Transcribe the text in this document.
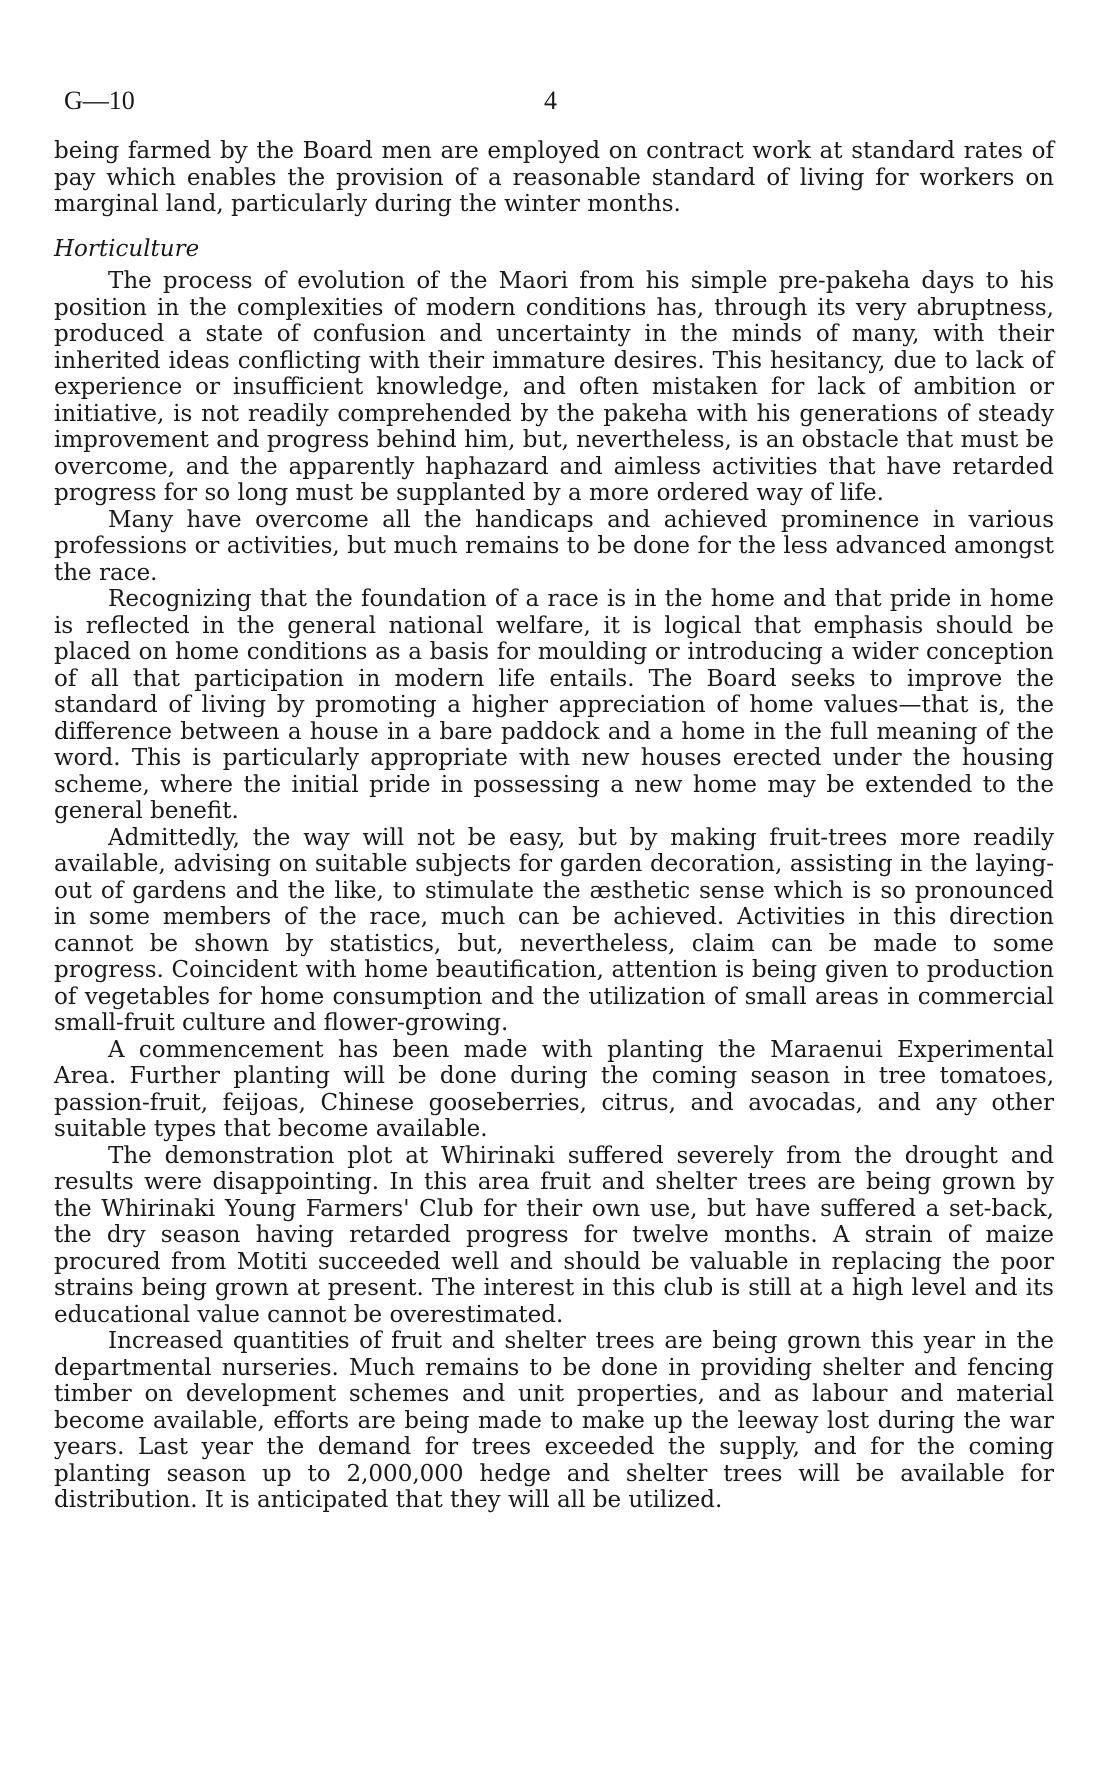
G—10	4

being farmed by the Board men are employed on contract work at standard rates of pay which enables the provision of a reasonable standard of living for workers on marginal land, particularly during the winter months.

Horticulture

The process of evolution of the Maori from his simple pre-pakeha days to his position in the complexities of modern conditions has, through its very abruptness, produced a state of confusion and uncertainty in the minds of many, with their inherited ideas conflicting with their immature desires. This hesitancy, due to lack of experience or insufficient knowledge, and often mistaken for lack of ambition or initiative, is not readily comprehended by the pakeha with his generations of steady improvement and progress behind him, but, nevertheless, is an obstacle that must be overcome, and the apparently haphazard and aimless activities that have retarded progress for so long must be supplanted by a more ordered way of life.

Many have overcome all the handicaps and achieved prominence in various professions or activities, but much remains to be done for the less advanced amongst the race.

Recognizing that the foundation of a race is in the home and that pride in home is reflected in the general national welfare, it is logical that emphasis should be placed on home conditions as a basis for moulding or introducing a wider conception of all that participation in modern life entails. The Board seeks to improve the standard of living by promoting a higher appreciation of home values—that is, the difference between a house in a bare paddock and a home in the full meaning of the word. This is particularly appropriate with new houses erected under the housing scheme, where the initial pride in possessing a new home may be extended to the general benefit.

Admittedly, the way will not be easy, but by making fruit-trees more readily available, advising on suitable subjects for garden decoration, assisting in the laying-out of gardens and the like, to stimulate the æsthetic sense which is so pronounced in some members of the race, much can be achieved. Activities in this direction cannot be shown by statistics, but, nevertheless, claim can be made to some progress. Coincident with home beautification, attention is being given to production of vegetables for home consumption and the utilization of small areas in commercial small-fruit culture and flower-growing.

A commencement has been made with planting the Maraenui Experimental Area. Further planting will be done during the coming season in tree tomatoes, passion-fruit, feijoas, Chinese gooseberries, citrus, and avocadas, and any other suitable types that become available.

The demonstration plot at Whirinaki suffered severely from the drought and results were disappointing. In this area fruit and shelter trees are being grown by the Whirinaki Young Farmers' Club for their own use, but have suffered a set-back, the dry season having retarded progress for twelve months. A strain of maize procured from Motiti succeeded well and should be valuable in replacing the poor strains being grown at present. The interest in this club is still at a high level and its educational value cannot be overestimated.

Increased quantities of fruit and shelter trees are being grown this year in the departmental nurseries. Much remains to be done in providing shelter and fencing timber on development schemes and unit properties, and as labour and material become available, efforts are being made to make up the leeway lost during the war years. Last year the demand for trees exceeded the supply, and for the coming planting season up to 2,000,000 hedge and shelter trees will be available for distribution. It is anticipated that they will all be utilized.
